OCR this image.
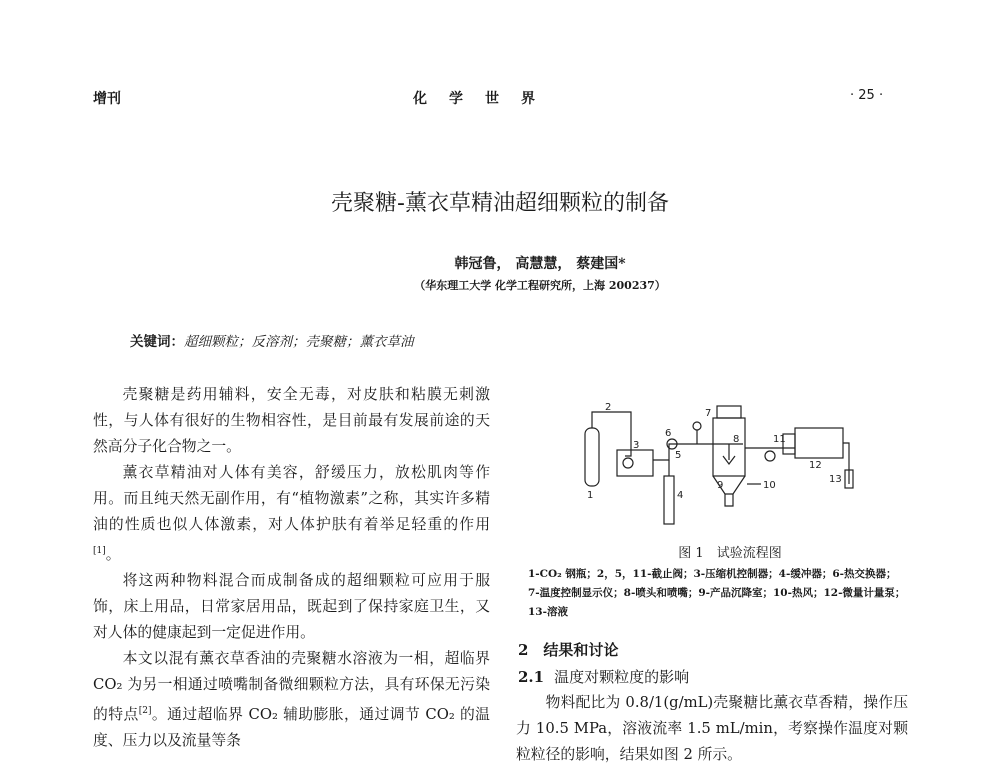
增刊	化学世界	· 25 ·
壳聚糖-薰衣草精油超细颗粒的制备
韩冠鲁， 高慧慧， 蔡建国*
（华东理工大学 化学工程研究所，上海 200237）
关键词：超细颗粒；反溶剂；壳聚糖；薰衣草油

壳聚糖是药用辅料，安全无毒，对皮肤和粘膜无刺激性，与人体有很好的生物相容性，是目前最有发展前途的天然高分子化合物之一。

薰衣草精油对人体有美容，舒缓压力，放松肌肉等作用。而且纯天然无副作用，有“植物激素”之称，其实许多精油的性质也似人体激素，对人体护肤有着举足轻重的作用[1]。

将这两种物料混合而成制备成的超细颗粒可应用于服饰，床上用品，日常家居用品，既起到了保持家庭卫生，又对人体的健康起到一定促进作用。

本文以混有薰衣草香油的壳聚糖水溶液为一相，超临界 CO₂ 为另一相通过喷嘴制备微细颗粒方法，具有环保无污染的特点[2]。通过超临界 CO₂ 辅助膨胀，通过调节 CO₂ 的温度、压力以及流量等条

1
2
3
4
5
6
7
8
9	10
11
12
13
图 1　试验流程图
1-CO₂ 钢瓶；2，5，11-截止阀；3-压缩机控制器；4-缓冲器；6-热交换器；7-温度控制显示仪；8-喷头和喷嘴；9-产品沉降室；10-热风；12-微量计量泵；13-溶液
2　结果和讨论
2.1 温度对颗粒度的影响

物料配比为 0.8/1(g/mL)壳聚糖比薰衣草香精，操作压力 10.5 MPa，溶液流率 1.5 mL/min，考察操作温度对颗粒粒径的影响，结果如图 2 所示。
